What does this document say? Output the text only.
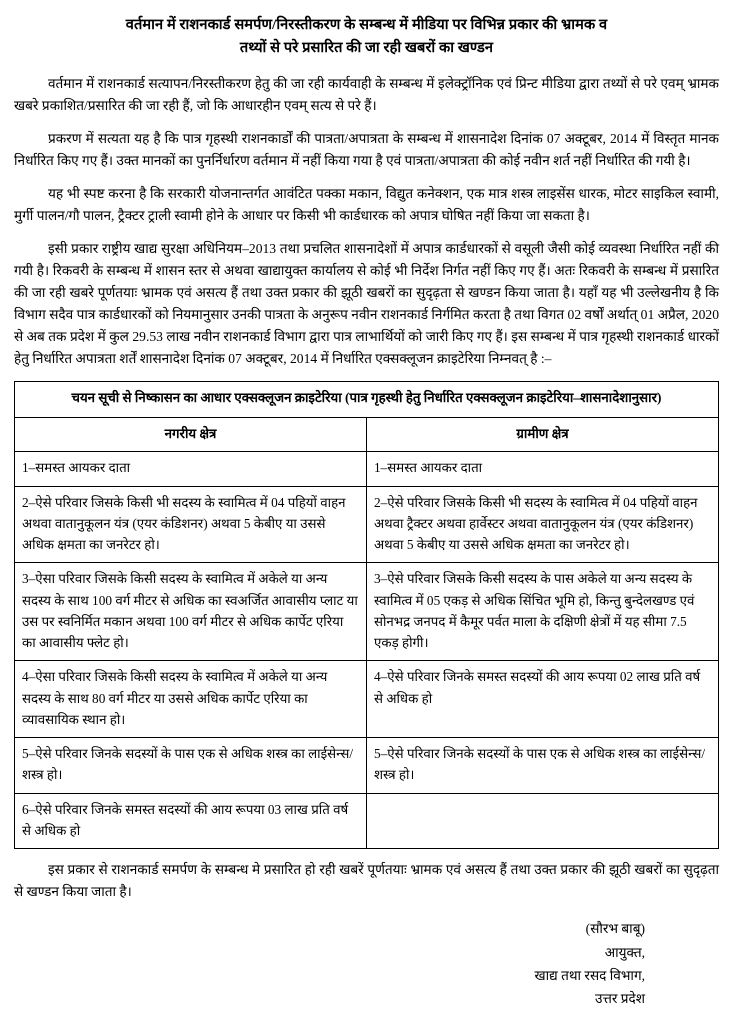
वर्तमान में राशनकार्ड समर्पण/निरस्तीकरण के सम्बन्ध में मीडिया पर विभिन्न प्रकार की भ्रामक व
तथ्यों से परे प्रसारित की जा रही खबरों का खण्डन

वर्तमान में राशनकार्ड सत्यापन/निरस्तीकरण हेतु की जा रही कार्यवाही के सम्बन्ध में इलेक्ट्रॉनिक एवं प्रिन्ट मीडिया द्वारा तथ्यों से परे एवम् भ्रामक खबरे प्रकाशित/प्रसारित की जा रही हैं, जो कि आधारहीन एवम् सत्य से परे हैं।

प्रकरण में सत्यता यह है कि पात्र गृहस्थी राशनकार्डों की पात्रता/अपात्रता के सम्बन्ध में शासनादेश दिनांक 07 अक्टूबर, 2014 में विस्तृत मानक निर्धारित किए गए हैं। उक्त मानकों का पुनर्निर्धारण वर्तमान में नहीं किया गया है एवं पात्रता/अपात्रता की कोई नवीन शर्त नहीं निर्धारित की गयी है।

यह भी स्पष्ट करना है कि सरकारी योजनान्तर्गत आवंटित पक्का मकान, विद्युत कनेक्शन, एक मात्र शस्त्र लाइसेंस धारक, मोटर साइकिल स्वामी, मुर्गी पालन/गौ पालन, ट्रैक्टर ट्राली स्वामी होने के आधार पर किसी भी कार्डधारक को अपात्र घोषित नहीं किया जा सकता है।

इसी प्रकार राष्ट्रीय खाद्य सुरक्षा अधिनियम–2013 तथा प्रचलित शासनादेशों में अपात्र कार्डधारकों से वसूली जैसी कोई व्यवस्था निर्धारित नहीं की गयी है। रिकवरी के सम्बन्ध में शासन स्तर से अथवा खाद्यायुक्त कार्यालय से कोई भी निर्देश निर्गत नहीं किए गए हैं। अतः रिकवरी के सम्बन्ध में प्रसारित की जा रही खबरे पूर्णतयाः भ्रामक एवं असत्य हैं तथा उक्त प्रकार की झूठी खबरों का सुदृढ़ता से खण्डन किया जाता है। यहाँ यह भी उल्लेखनीय है कि विभाग सदैव पात्र कार्डधारकों को नियमानुसार उनकी पात्रता के अनुरूप नवीन राशनकार्ड निर्गमित करता है तथा विगत 02 वर्षों अर्थात् 01 अप्रैल, 2020 से अब तक प्रदेश में कुल 29.53 लाख नवीन राशनकार्ड विभाग द्वारा पात्र लाभार्थियों को जारी किए गए हैं। इस सम्बन्ध में पात्र गृहस्थी राशनकार्ड धारकों हेतु निर्धारित अपात्रता शर्तें शासनादेश दिनांक 07 अक्टूबर, 2014 में निर्धारित एक्सक्लूजन क्राइटेरिया निम्नवत् है :–

चयन सूची से निष्कासन का आधार एक्सक्लूजन क्राइटेरिया (पात्र गृहस्थी हेतु निर्धारित एक्सक्लूजन क्राइटेरिया–शासनादेशानुसार)	
नगरीय क्षेत्र	ग्रामीण क्षेत्र
1–समस्त आयकर दाता	1–समस्त आयकर दाता
2–ऐसे परिवार जिसके किसी भी सदस्य के स्वामित्व में 04 पहियों वाहन अथवा वातानुकूलन यंत्र (एयर कंडिशनर) अथवा 5 केबीए या उससे अधिक क्षमता का जनरेटर हो।	2–ऐसे परिवार जिसके किसी भी सदस्य के स्वामित्व में 04 पहियों वाहन अथवा ट्रैक्टर अथवा हार्वेस्टर अथवा वातानुकूलन यंत्र (एयर कंडिशनर) अथवा 5 केबीए या उससे अधिक क्षमता का जनरेटर हो।
3–ऐसा परिवार जिसके किसी सदस्य के स्वामित्व में अकेले या अन्य सदस्य के साथ 100 वर्ग मीटर से अधिक का स्वअर्जित आवासीय प्लाट या उस पर स्वनिर्मित मकान अथवा 100 वर्ग मीटर से अधिक कार्पेट एरिया का आवासीय फ्लेट हो।	3–ऐसे परिवार जिसके किसी सदस्य के पास अकेले या अन्य सदस्य के स्वामित्व में 05 एकड़ से अधिक सिंचित भूमि हो, किन्तु बुन्देलखण्ड एवं सोनभद्र जनपद में कैमूर पर्वत माला के दक्षिणी क्षेत्रों में यह सीमा 7.5 एकड़ होगी।
4–ऐसा परिवार जिसके किसी सदस्य के स्वामित्व में अकेले या अन्य सदस्य के साथ 80 वर्ग मीटर या उससे अधिक कार्पेट एरिया का व्यावसायिक स्थान हो।	4–ऐसे परिवार जिनके समस्त सदस्यों की आय रूपया 02 लाख प्रति वर्ष से अधिक हो
5–ऐसे परिवार जिनके सदस्यों के पास एक से अधिक शस्त्र का लाईसेन्स/शस्त्र हो।	5–ऐसे परिवार जिनके सदस्यों के पास एक से अधिक शस्त्र का लाईसेन्स/शस्त्र हो।
6–ऐसे परिवार जिनके समस्त सदस्यों की आय रूपया 03 लाख प्रति वर्ष से अधिक हो	

इस प्रकार से राशनकार्ड समर्पण के सम्बन्ध मे प्रसारित हो रही खबरें पूर्णतयाः भ्रामक एवं असत्य हैं तथा उक्त प्रकार की झूठी खबरों का सुदृढ़ता से खण्डन किया जाता है।

(सौरभ बाबू)
आयुक्त,
खाद्य तथा रसद विभाग,
उत्तर प्रदेश
